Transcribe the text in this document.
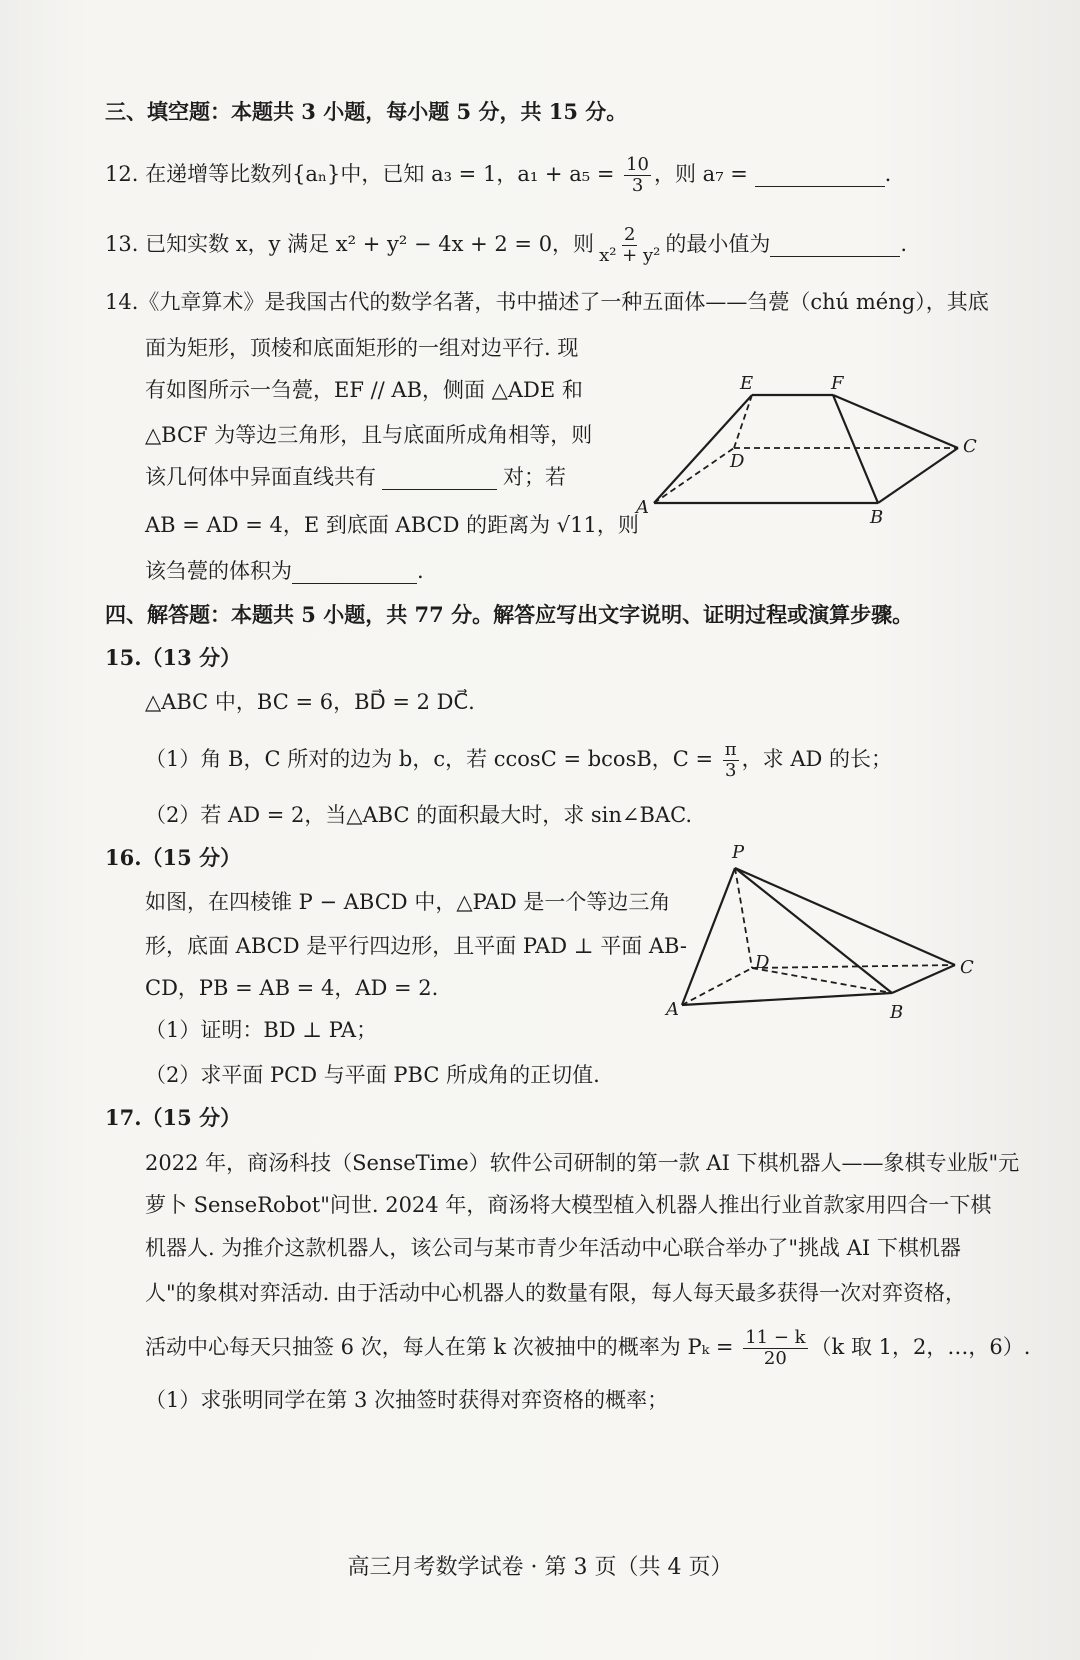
三、填空题：本题共 3 小题，每小题 5 分，共 15 分。
12. 在递增等比数列{aₙ}中，已知 a₃ = 1，$a_1 + a_5 = \frac{10}{3}$ ，则 a₇ =	.
13. 已知实数 x，y 满足 x² + y² − 4x + 2 = 0，则 $\frac{2}{\text{x² + y²}}$ 的最小值为	.
14.《九章算术》是我国古代的数学名著，书中描述了一种五面体——刍甍（chú méng），其底
面为矩形，顶棱和底面矩形的一组对边平行. 现
有如图所示一刍甍，EF // AB，侧面 △ADE 和
△BCF 为等边三角形，且与底面所成角相等，则
该几何体中异面直线共有	对；若
AB = AD = 4，E 到底面 ABCD 的距离为 √11，则
该刍甍的体积为	.
E	F
D
C
A	B
四、解答题：本题共 5 小题，共 77 分。解答应写出文字说明、证明过程或演算步骤。
15.（13 分）
△ABC 中，BC = 6，BD⃗ = 2 DC⃗.
（1）角 B，C 所对的边为 b，c，若 ccosC = bcosB，$C = \frac{\pi}{3}$ ，求 AD 的长；
（2）若 AD = 2，当△ABC 的面积最大时，求 sin∠BAC.
16.（15 分）
如图，在四棱锥 P − ABCD 中，△PAD 是一个等边三角
形，底面 ABCD 是平行四边形，且平面 PAD ⊥ 平面 AB-
CD，PB = AB = 4，AD = 2.
（1）证明：BD ⊥ PA；
（2）求平面 PCD 与平面 PBC 所成角的正切值.
P
D	C
A	B
17.（15 分）
2022 年，商汤科技（SenseTime）软件公司研制的第一款 AI 下棋机器人——象棋专业版"元
萝卜 SenseRobot"问世. 2024 年，商汤将大模型植入机器人推出行业首款家用四合一下棋
机器人. 为推介这款机器人，该公司与某市青少年活动中心联合举办了"挑战 AI 下棋机器
人"的象棋对弈活动. 由于活动中心机器人的数量有限，每人每天最多获得一次对弈资格，
活动中心每天只抽签 6 次，每人在第 k 次被抽中的概率为 $P_k = \frac{11 - k}{20} (k$ 取 1，2，…，6）.
（1）求张明同学在第 3 次抽签时获得对弈资格的概率；
高三月考数学试卷 · 第 3 页（共 4 页）
